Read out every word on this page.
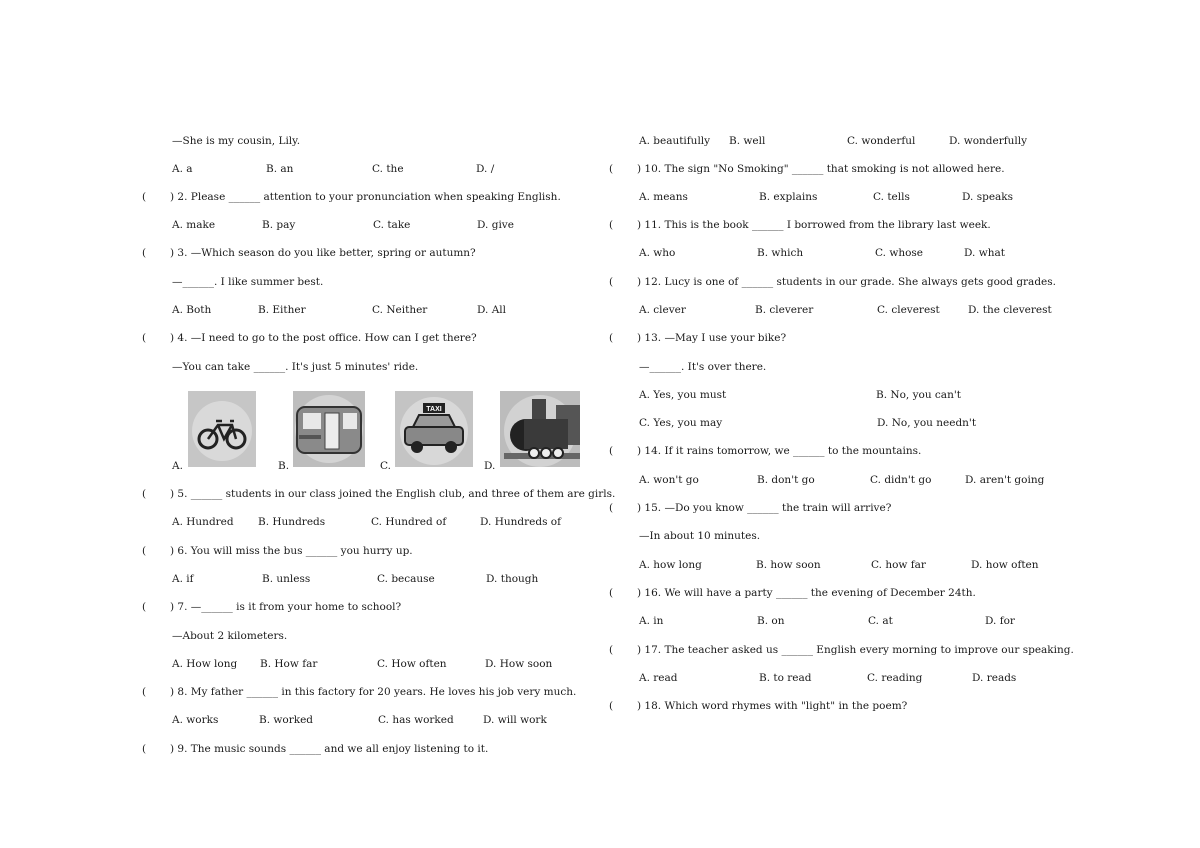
—She is my cousin, Lily.
A. a	B. an	C. the	D. /
( ) 2. Please ______ attention to your pronunciation when speaking English.
A. make	B. pay	C. take	D. give
( ) 3. —Which season do you like better, spring or autumn?
—______. I like summer best.
A. Both	B. Either	C. Neither	D. All
( ) 4. —I need to go to the post office. How can I get there?
—You can take ______. It's just 5 minutes' ride.
A.	B.	C.
TAXI
D.
( ) 5. ______ students in our class joined the English club, and three of them are girls.
A. Hundred B. Hundreds	C. Hundred of	D. Hundreds of
( ) 6. You will miss the bus ______ you hurry up.
A. if	B. unless	C. because	D. though
( ) 7. —______ is it from your home to school?
—About 2 kilometers.
A. How long B. How far	C. How often	D. How soon
( ) 8. My father ______ in this factory for 20 years. He loves his job very much.
A. works	B. worked	C. has worked	D. will work
( ) 9. The music sounds ______ and we all enjoy listening to it.
A. beautifully B. well	C. wonderful	D. wonderfully
( ) 10. The sign "No Smoking" ______ that smoking is not allowed here.
A. means	B. explains	C. tells	D. speaks
( ) 11. This is the book ______ I borrowed from the library last week.
A. who	B. which	C. whose	D. what
( ) 12. Lucy is one of ______ students in our grade. She always gets good grades.
A. clever	B. cleverer	C. cleverest	D. the cleverest
( ) 13. —May I use your bike?
—______. It's over there.
A. Yes, you must	B. No, you can't
C. Yes, you may	D. No, you needn't
( ) 14. If it rains tomorrow, we ______ to the mountains.
A. won't go	B. don't go	C. didn't go	D. aren't going
( ) 15. —Do you know ______ the train will arrive?
—In about 10 minutes.
A. how long	B. how soon	C. how far	D. how often
( ) 16. We will have a party ______ the evening of December 24th.
A. in	B. on	C. at	D. for
( ) 17. The teacher asked us ______ English every morning to improve our speaking.
A. read	B. to read	C. reading	D. reads
( ) 18. Which word rhymes with "light" in the poem?
